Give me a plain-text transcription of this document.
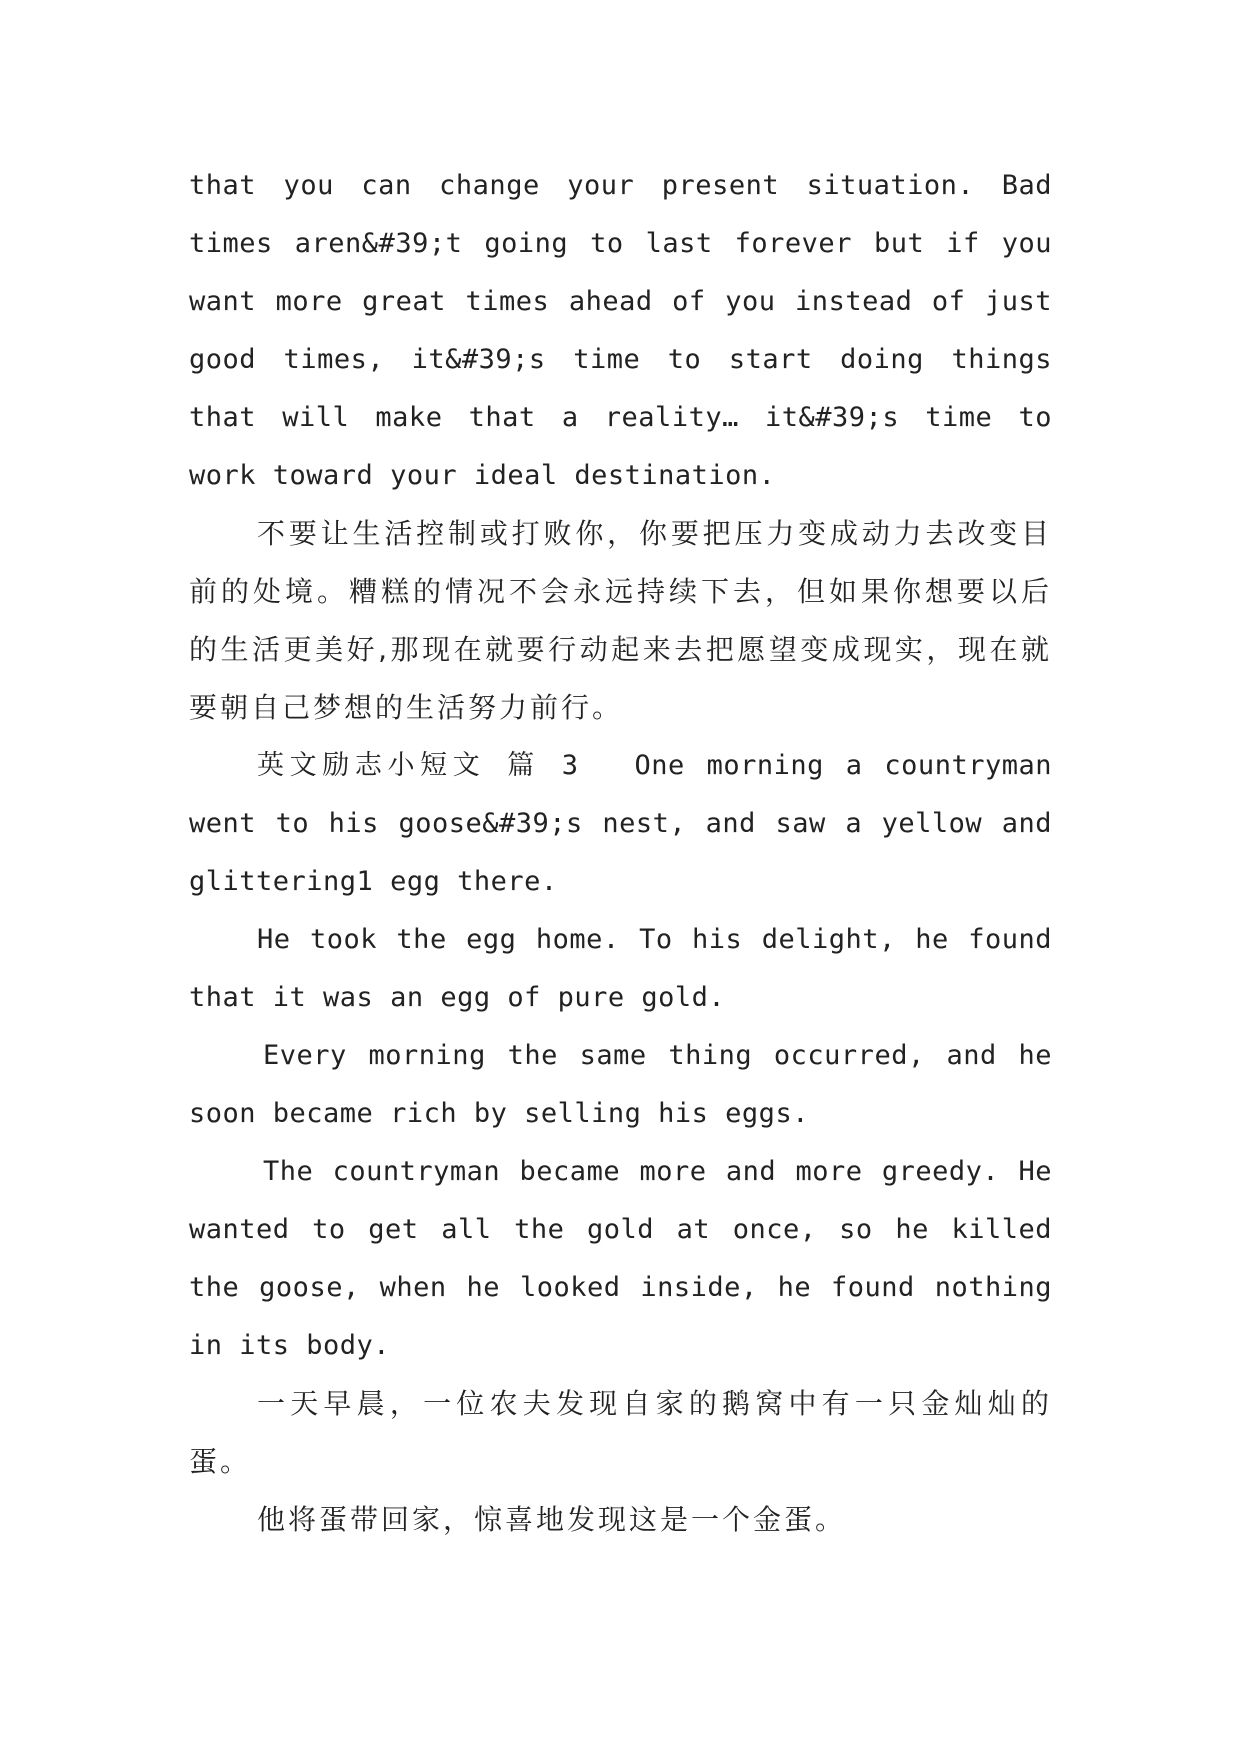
that you can change your present situation. Bad times aren&#39;t going to last forever but if you want more great times ahead of you instead of just good times, it&#39;s time to start doing things that will make that a reality… it&#39;s time to work toward your ideal destination.

不要让生活控制或打败你，你要把压力变成动力去改变目前的处境。糟糕的情况不会永远持续下去，但如果你想要以后的生活更美好,那现在就要行动起来去把愿望变成现实，现在就要朝自己梦想的生活努力前行。

英文励志小短文 篇 3 One morning a countryman went to his goose&#39;s nest, and saw a yellow and glittering1 egg there.

He took the egg home. To his delight, he found that it was an egg of pure gold.

Every morning the same thing occurred, and he soon became rich by selling his eggs.

The countryman became more and more greedy. He wanted to get all the gold at once, so he killed the goose, when he looked inside, he found nothing in its body.

一天早晨，一位农夫发现自家的鹅窝中有一只金灿灿的蛋。

他将蛋带回家，惊喜地发现这是一个金蛋。
